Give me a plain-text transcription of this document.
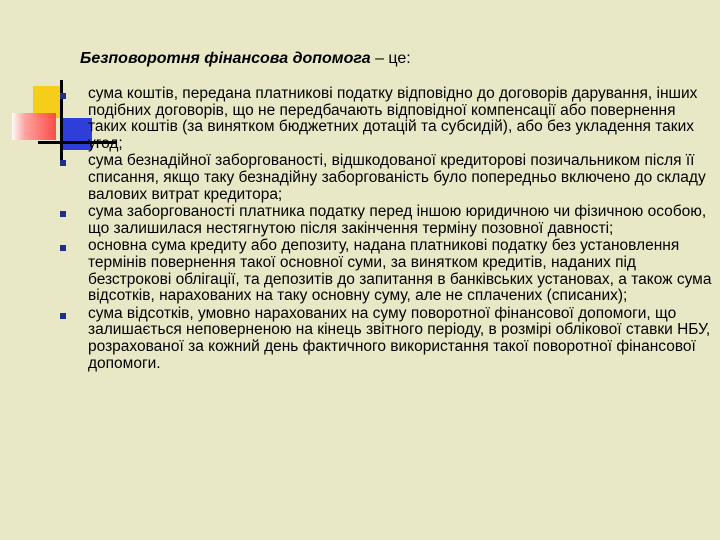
Безповоротня фінансова допомога – це:
сума коштів, передана платникові податку відповідно до договорів дарування, інших подібних договорів, що не передбачають відповідної компенсації або повернення таких коштів (за винятком бюджетних дотацій та субсидій), або без укладення таких угод;
сума безнадійної заборгованості, відшкодованої кредиторові позичальником після її списання, якщо таку безнадійну заборгованість було попередньо включено до складу валових витрат кредитора;
сума заборгованості платника податку перед іншою юридичною чи фізичною особою, що залишилася нестягнутою після закінчення терміну позовної давності;
основна сума кредиту або депозиту, надана платникові податку без установлення термінів повернення такої основної суми, за винятком кредитів, наданих під безстрокові облігації, та депозитів до запитання в банківських установах, а також сума відсотків, нарахованих на таку основну суму, але не сплачених (списаних);
сума відсотків, умовно нарахованих на суму поворотної фінансової допомоги, що залишається неповерненою на кінець звітного періоду, в розмірі облікової ставки НБУ, розрахованої за кожний день фактичного використання такої поворотної фінансової допомоги.
